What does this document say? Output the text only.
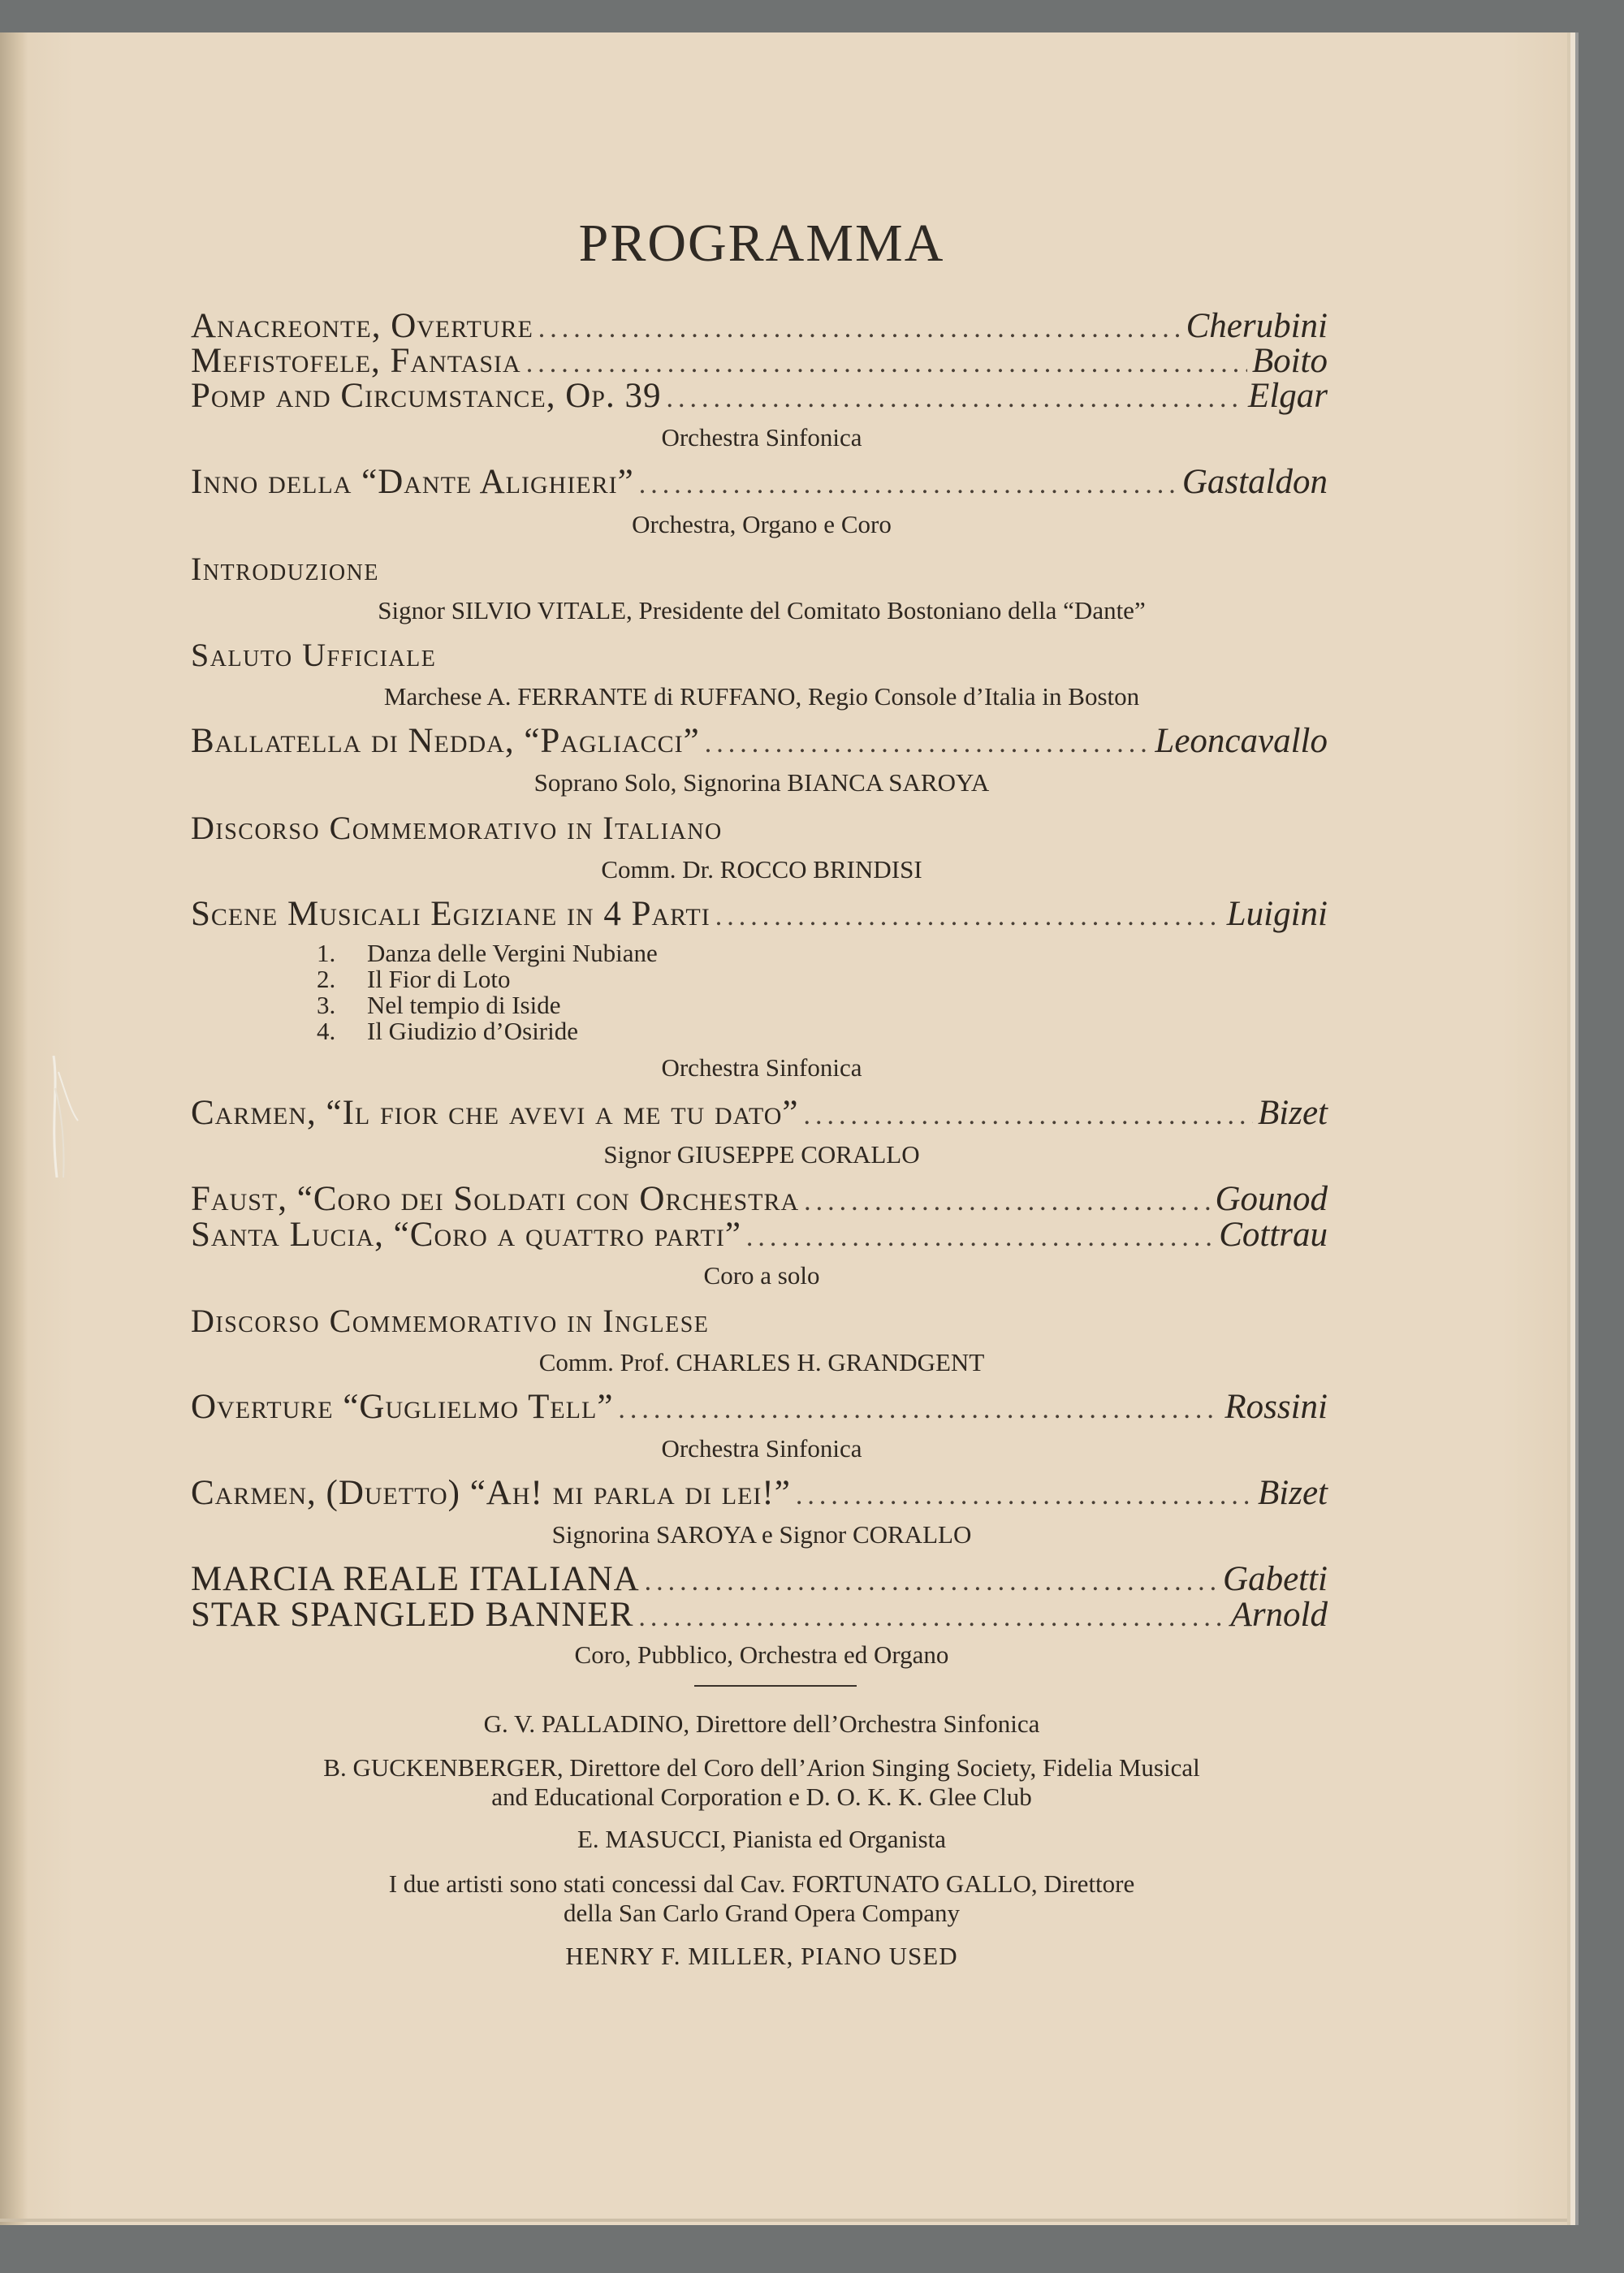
PROGRAMMA
Anacreonte, Overture .....	Cherubini
Mefistofele, Fantasia .....	Boito
Pomp and Circumstance, Op. 39 .....	Elgar
Orchestra Sinfonica
Inno della “Dante Alighieri” .....	Gastaldon
Orchestra, Organo e Coro
Introduzione
Signor SILVIO VITALE, Presidente del Comitato Bostoniano della “Dante”
Saluto Ufficiale
Marchese A. FERRANTE di RUFFANO, Regio Console d’Italia in Boston
Ballatella di Nedda, “Pagliacci” .....	Leoncavallo
Soprano Solo, Signorina BIANCA SAROYA
Discorso Commemorativo in Italiano
Comm. Dr. ROCCO BRINDISI
Scene Musicali Egiziane in 4 Parti .....	Luigini
1. Danza delle Vergini Nubiane
2. Il Fior di Loto
3. Nel tempio di Iside
4. Il Giudizio d’Osiride
Orchestra Sinfonica
Carmen, “Il fior che avevi a me tu dato” .....	Bizet
Signor GIUSEPPE CORALLO
Faust, “Coro dei Soldati con Orchestra .....	Gounod
Santa Lucia, “Coro a quattro parti” .....	Cottrau
Coro a solo
Discorso Commemorativo in Inglese
Comm. Prof. CHARLES H. GRANDGENT
Overture “Guglielmo Tell” .....	Rossini
Orchestra Sinfonica
Carmen, (Duetto) “Ah! mi parla di lei!” .....	Bizet
Signorina SAROYA e Signor CORALLO
MARCIA REALE ITALIANA .....	Gabetti
STAR SPANGLED BANNER .....	Arnold
Coro, Pubblico, Orchestra ed Organo
G. V. PALLADINO, Direttore dell’Orchestra Sinfonica
B. GUCKENBERGER, Direttore del Coro dell’Arion Singing Society, Fidelia Musical
and Educational Corporation e D. O. K. K. Glee Club
E. MASUCCI, Pianista ed Organista
I due artisti sono stati concessi dal Cav. FORTUNATO GALLO, Direttore
della San Carlo Grand Opera Company
HENRY F. MILLER, PIANO USED
